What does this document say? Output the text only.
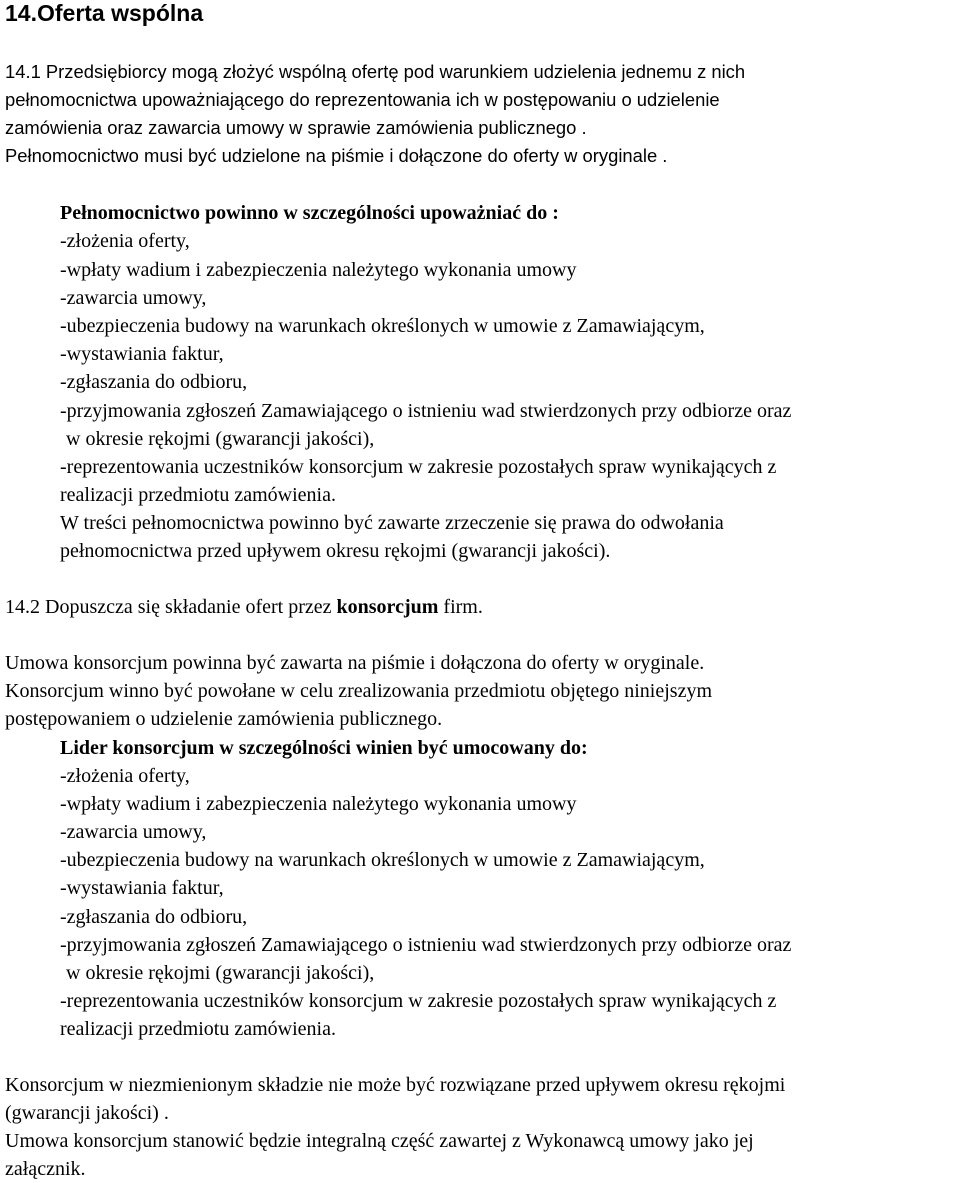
14.Oferta wspólna

14.1 Przedsiębiorcy mogą złożyć wspólną ofertę pod warunkiem udzielenia jednemu z nich

pełnomocnictwa upoważniającego do reprezentowania ich w postępowaniu o udzielenie

zamówienia oraz zawarcia umowy w sprawie zamówienia publicznego .

Pełnomocnictwo musi być udzielone na piśmie i dołączone do oferty w oryginale .

Pełnomocnictwo powinno w szczególności upoważniać do :

-złożenia oferty,

-wpłaty wadium i zabezpieczenia należytego wykonania umowy

-zawarcia umowy,

-ubezpieczenia budowy na warunkach określonych w umowie z Zamawiającym,

-wystawiania faktur,

-zgłaszania do odbioru,

-przyjmowania zgłoszeń Zamawiającego o istnieniu wad stwierdzonych przy odbiorze oraz

w okresie rękojmi (gwarancji jakości),

-reprezentowania uczestników konsorcjum w zakresie pozostałych spraw wynikających z

realizacji przedmiotu zamówienia.

W treści pełnomocnictwa powinno być zawarte zrzeczenie się prawa do odwołania

pełnomocnictwa przed upływem okresu rękojmi (gwarancji jakości).

14.2 Dopuszcza się składanie ofert przez konsorcjum firm.

Umowa konsorcjum powinna być zawarta na piśmie i dołączona do oferty w oryginale.

Konsorcjum winno być powołane w celu zrealizowania przedmiotu objętego niniejszym

postępowaniem o udzielenie zamówienia publicznego.

Lider konsorcjum w szczególności winien być umocowany do:

-złożenia oferty,

-wpłaty wadium i zabezpieczenia należytego wykonania umowy

-zawarcia umowy,

-ubezpieczenia budowy na warunkach określonych w umowie z Zamawiającym,

-wystawiania faktur,

-zgłaszania do odbioru,

-przyjmowania zgłoszeń Zamawiającego o istnieniu wad stwierdzonych przy odbiorze oraz

w okresie rękojmi (gwarancji jakości),

-reprezentowania uczestników konsorcjum w zakresie pozostałych spraw wynikających z

realizacji przedmiotu zamówienia.

Konsorcjum w niezmienionym składzie nie może być rozwiązane przed upływem okresu rękojmi

(gwarancji jakości) .

Umowa konsorcjum stanowić będzie integralną część zawartej z Wykonawcą umowy jako jej

załącznik.
